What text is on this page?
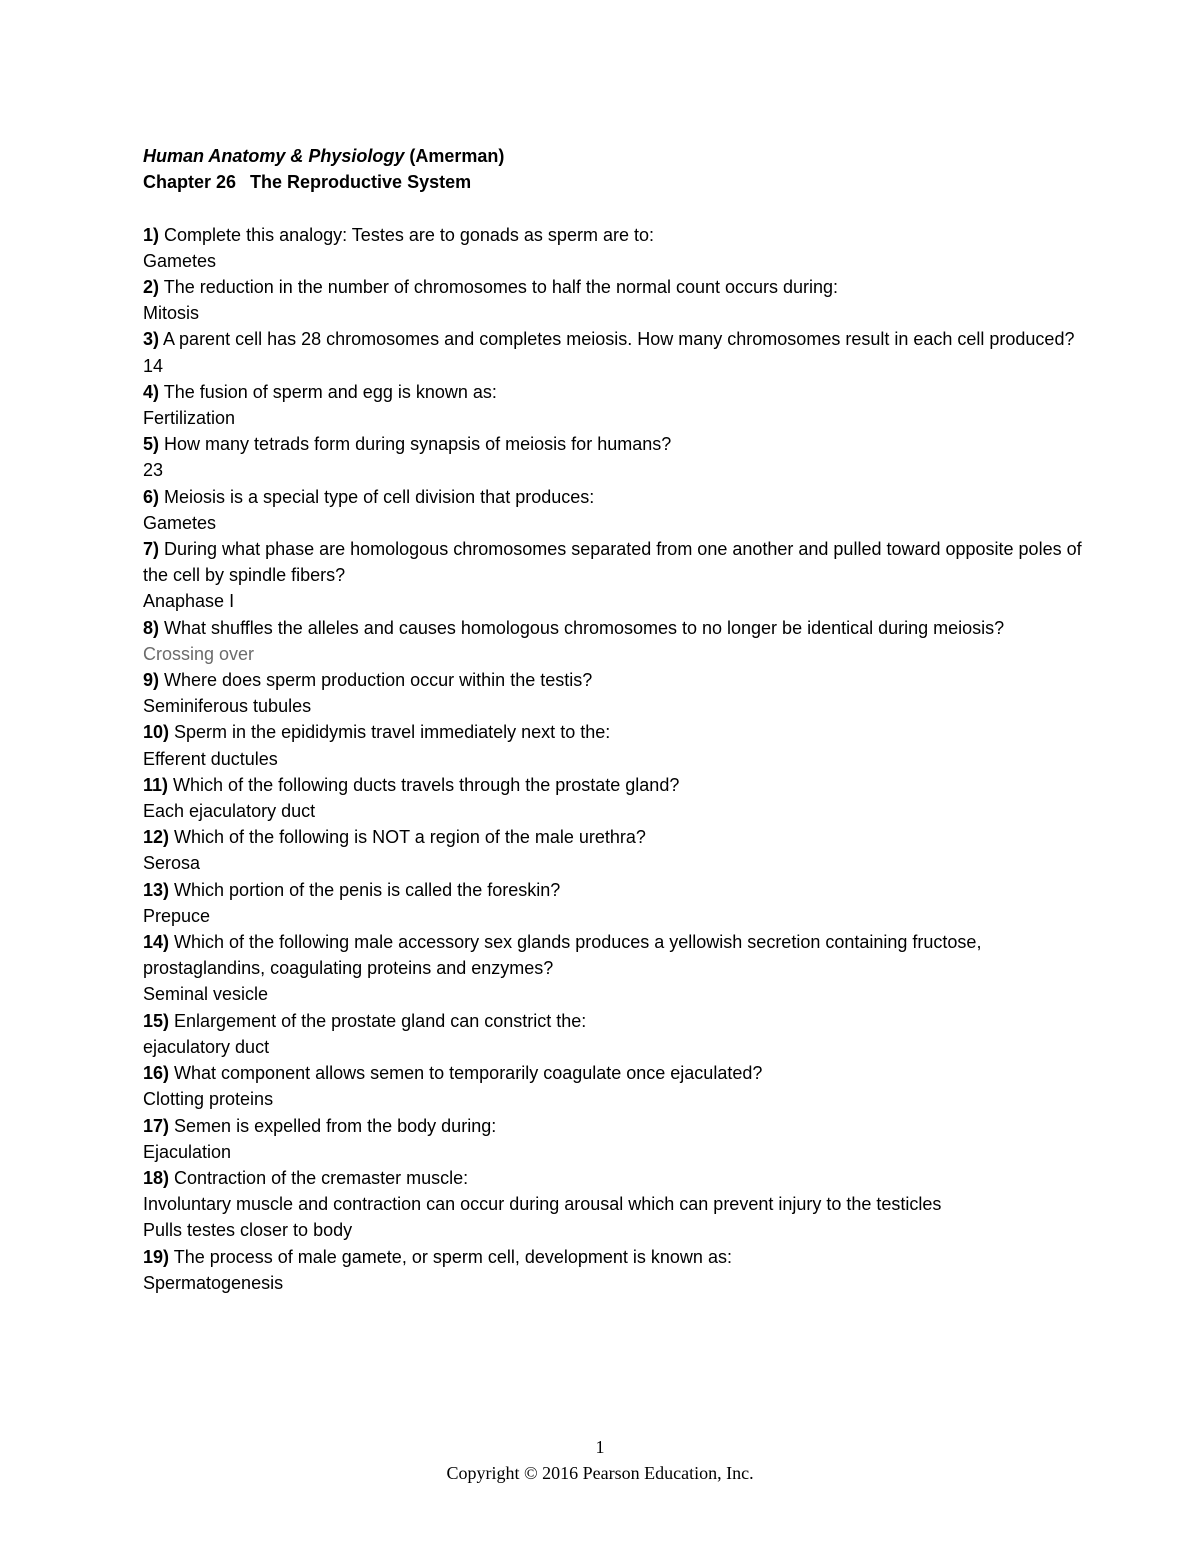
Human Anatomy & Physiology (Amerman)

Chapter 26 The Reproductive System

1) Complete this analogy: Testes are to gonads as sperm are to:

Gametes

2) The reduction in the number of chromosomes to half the normal count occurs during:

Mitosis

3) A parent cell has 28 chromosomes and completes meiosis. How many chromosomes result in each cell produced?

14

4) The fusion of sperm and egg is known as:

Fertilization

5) How many tetrads form during synapsis of meiosis for humans?

23

6) Meiosis is a special type of cell division that produces:

Gametes

7) During what phase are homologous chromosomes separated from one another and pulled toward opposite poles of the cell by spindle fibers?

Anaphase I

8) What shuffles the alleles and causes homologous chromosomes to no longer be identical during meiosis?

Crossing over

9) Where does sperm production occur within the testis?

Seminiferous tubules

10) Sperm in the epididymis travel immediately next to the:

Efferent ductules

11) Which of the following ducts travels through the prostate gland?

Each ejaculatory duct

12) Which of the following is NOT a region of the male urethra?

Serosa

13) Which portion of the penis is called the foreskin?

Prepuce

14) Which of the following male accessory sex glands produces a yellowish secretion containing fructose, prostaglandins, coagulating proteins and enzymes?

Seminal vesicle

15) Enlargement of the prostate gland can constrict the:

ejaculatory duct

16) What component allows semen to temporarily coagulate once ejaculated?

Clotting proteins

17) Semen is expelled from the body during:

Ejaculation

18) Contraction of the cremaster muscle:

Involuntary muscle and contraction can occur during arousal which can prevent injury to the testicles

Pulls testes closer to body

19) The process of male gamete, or sperm cell, development is known as:

Spermatogenesis

1
Copyright © 2016 Pearson Education, Inc.
